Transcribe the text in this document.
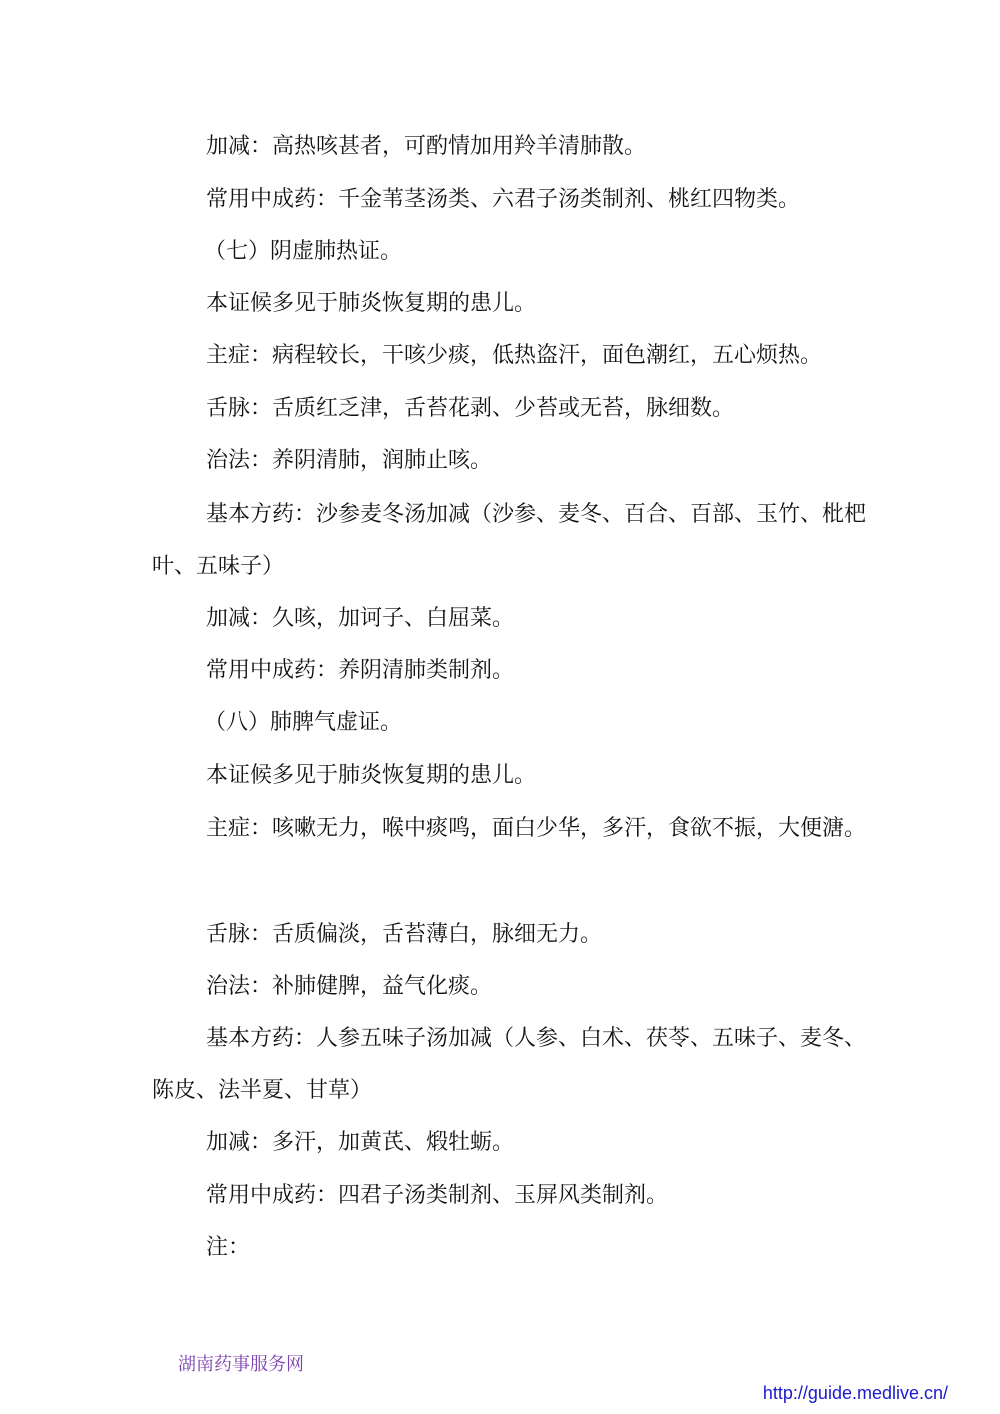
加减：高热咳甚者，可酌情加用羚羊清肺散。

常用中成药：千金苇茎汤类、六君子汤类制剂、桃红四物类。

（七）阴虚肺热证。

本证候多见于肺炎恢复期的患儿。

主症：病程较长，干咳少痰，低热盗汗，面色潮红，五心烦热。

舌脉：舌质红乏津，舌苔花剥、少苔或无苔，脉细数。

治法：养阴清肺，润肺止咳。

基本方药：沙参麦冬汤加减（沙参、麦冬、百合、百部、玉竹、枇杷叶、五味子）

加减：久咳，加诃子、白屈菜。

常用中成药：养阴清肺类制剂。

（八）肺脾气虚证。

本证候多见于肺炎恢复期的患儿。

主症：咳嗽无力，喉中痰鸣，面白少华，多汗，食欲不振，大便溏。

舌脉：舌质偏淡，舌苔薄白，脉细无力。

治法：补肺健脾，益气化痰。

基本方药：人参五味子汤加减（人参、白术、茯苓、五味子、麦冬、陈皮、法半夏、甘草）

加减：多汗，加黄芪、煅牡蛎。

常用中成药：四君子汤类制剂、玉屏风类制剂。

注：

湖南药事服务网
http://guide.medlive.cn/
